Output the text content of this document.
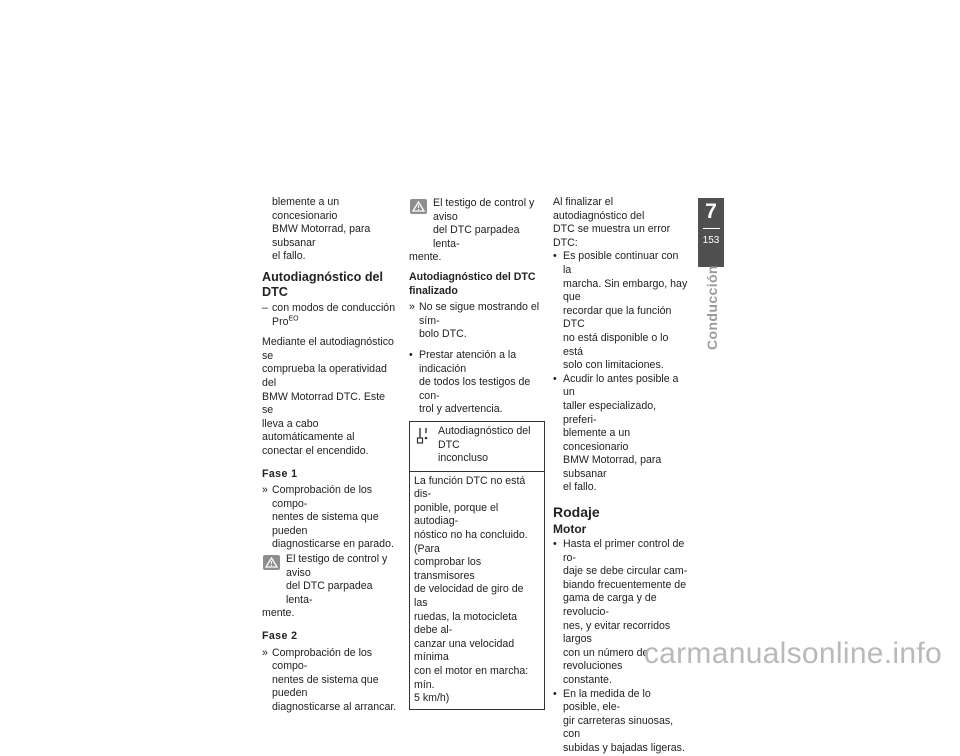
blemente a un concesionario

BMW Motorrad, para subsanar

el fallo.

Autodiagnóstico del DTC
– con modos de conducción

Pro$^{EO}$

Mediante el autodiagnóstico se

comprueba la operatividad del

BMW Motorrad DTC. Este se

lleva a cabo automáticamente al

conectar el encendido.

Fase 1
» Comprobación de los compo-

nentes de sistema que pueden

diagnosticarse en parado.

El testigo de control y aviso

del DTC parpadea lenta-

mente.

Fase 2
» Comprobación de los compo-

nentes de sistema que pueden

diagnosticarse al arrancar.

El testigo de control y aviso

del DTC parpadea lenta-

mente.

Autodiagnóstico del DTC

finalizado

» No se sigue mostrando el sím-

bolo DTC.

• Prestar atención a la indicación

de todos los testigos de con-

trol y advertencia.

Autodiagnóstico del DTC

inconcluso

La función DTC no está dis-

ponible, porque el autodiag-

nóstico no ha concluido. (Para

comprobar los transmisores

de velocidad de giro de las

ruedas, la motocicleta debe al-

canzar una velocidad mínima

con el motor en marcha: mín.

5 km/h)

Al finalizar el autodiagnóstico del

DTC se muestra un error DTC:

• Es posible continuar con la

marcha. Sin embargo, hay que

recordar que la función DTC

no está disponible o lo está

solo con limitaciones.

• Acudir lo antes posible a un

taller especializado, preferi-

blemente a un concesionario

BMW Motorrad, para subsanar

el fallo.

Rodaje
Motor
• Hasta el primer control de ro-

daje se debe circular cam-

biando frecuentemente de

gama de carga y de revolucio-

nes, y evitar recorridos largos

con un número de revoluciones

constante.

• En la medida de lo posible, ele-

gir carreteras sinuosas, con

subidas y bajadas ligeras.

7
153
Conducción
carmanualsonline.info
